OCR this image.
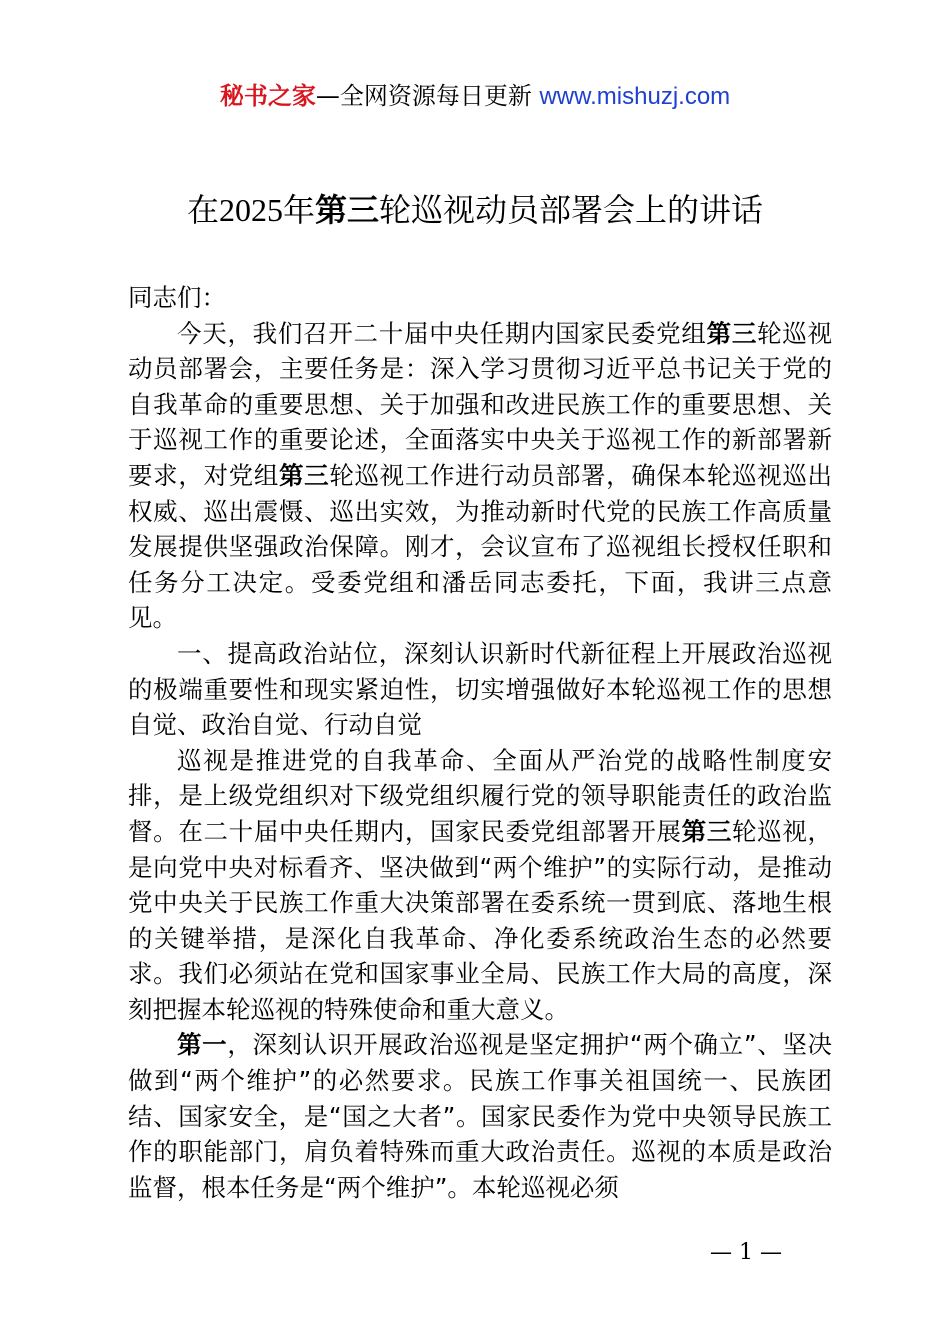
秘书之家—全网资源每日更新 www.mishuzj.com
在2025年第三轮巡视动员部署会上的讲话

同志们：

今天，我们召开二十届中央任期内国家民委党组第三轮巡视动员部署会，主要任务是：深入学习贯彻习近平总书记关于党的自我革命的重要思想、关于加强和改进民族工作的重要思想、关于巡视工作的重要论述，全面落实中央关于巡视工作的新部署新要求，对党组第三轮巡视工作进行动员部署，确保本轮巡视巡出权威、巡出震慑、巡出实效，为推动新时代党的民族工作高质量发展提供坚强政治保障。刚才，会议宣布了巡视组长授权任职和任务分工决定。受委党组和潘岳同志委托，下面，我讲三点意见。

一、提高政治站位，深刻认识新时代新征程上开展政治巡视的极端重要性和现实紧迫性，切实增强做好本轮巡视工作的思想自觉、政治自觉、行动自觉

巡视是推进党的自我革命、全面从严治党的战略性制度安排，是上级党组织对下级党组织履行党的领导职能责任的政治监督。在二十届中央任期内，国家民委党组部署开展第三轮巡视，是向党中央对标看齐、坚决做到“两个维护”的实际行动，是推动党中央关于民族工作重大决策部署在委系统一贯到底、落地生根的关键举措，是深化自我革命、净化委系统政治生态的必然要求。我们必须站在党和国家事业全局、民族工作大局的高度，深刻把握本轮巡视的特殊使命和重大意义。

第一，深刻认识开展政治巡视是坚定拥护“两个确立”、坚决做到“两个维护”的必然要求。民族工作事关祖国统一、民族团结、国家安全，是“国之大者”。国家民委作为党中央领导民族工作的职能部门，肩负着特殊而重大政治责任。巡视的本质是政治监督，根本任务是“两个维护”。本轮巡视必须

— 1 —
